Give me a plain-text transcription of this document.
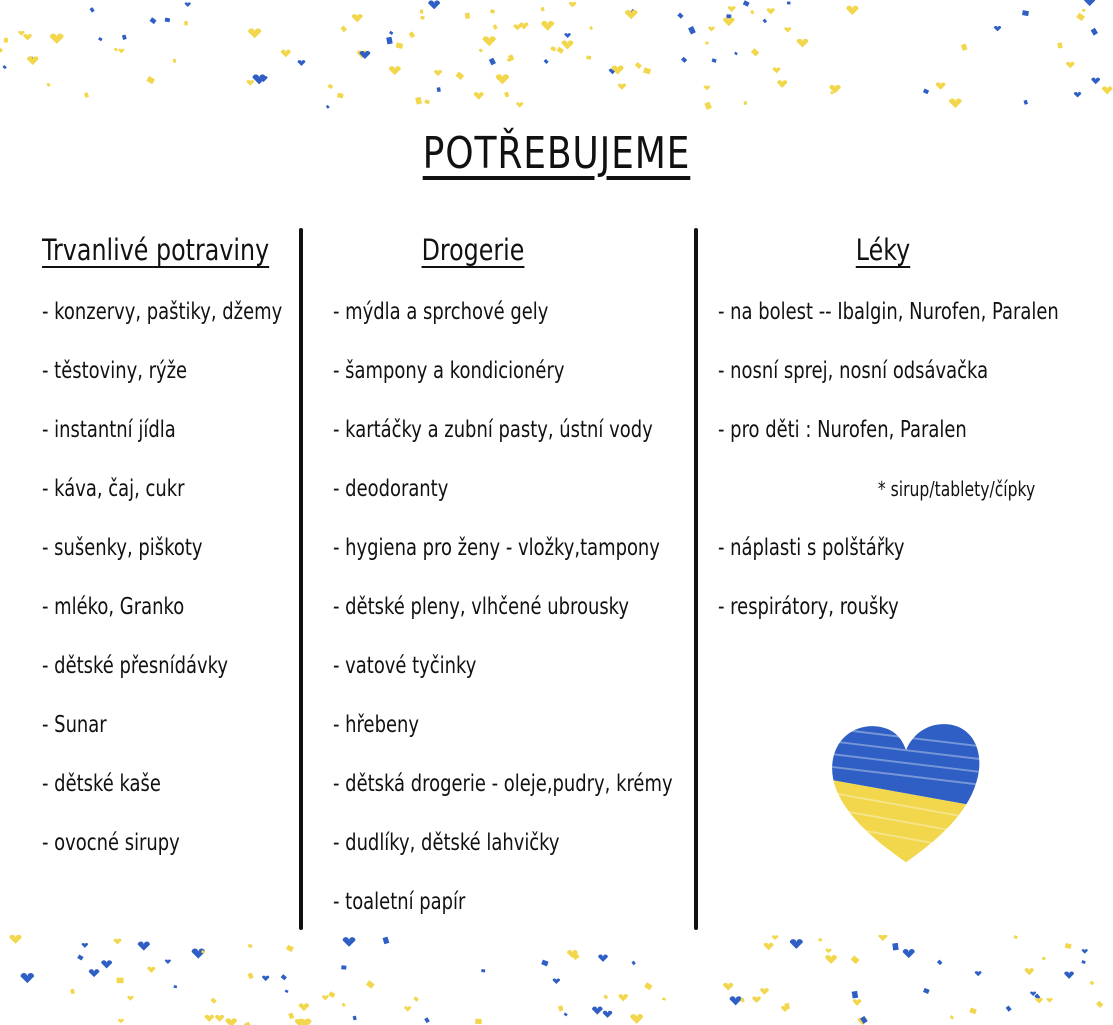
POTŘEBUJEME
Trvanlivé potraviny
- konzervy, paštiky, džemy
- těstoviny, rýže
- instantní jídla
- káva, čaj, cukr
- sušenky, piškoty
- mléko, Granko
- dětské přesnídávky
- Sunar
- dětské kaše
- ovocné sirupy
Drogerie
- mýdla a sprchové gely
- šampony a kondicionéry
- kartáčky a zubní pasty, ústní vody
- deodoranty
- hygiena pro ženy - vložky,tampony
- dětské pleny, vlhčené ubrousky
- vatové tyčinky
- hřebeny
- dětská drogerie - oleje,pudry, krémy
- dudlíky, dětské lahvičky
- toaletní papír
Léky
- na bolest -- Ibalgin, Nurofen, Paralen
- nosní sprej, nosní odsávačka
- pro děti : Nurofen, Paralen
* sirup/tablety/čípky
- náplasti s polštářky
- respirátory, roušky
